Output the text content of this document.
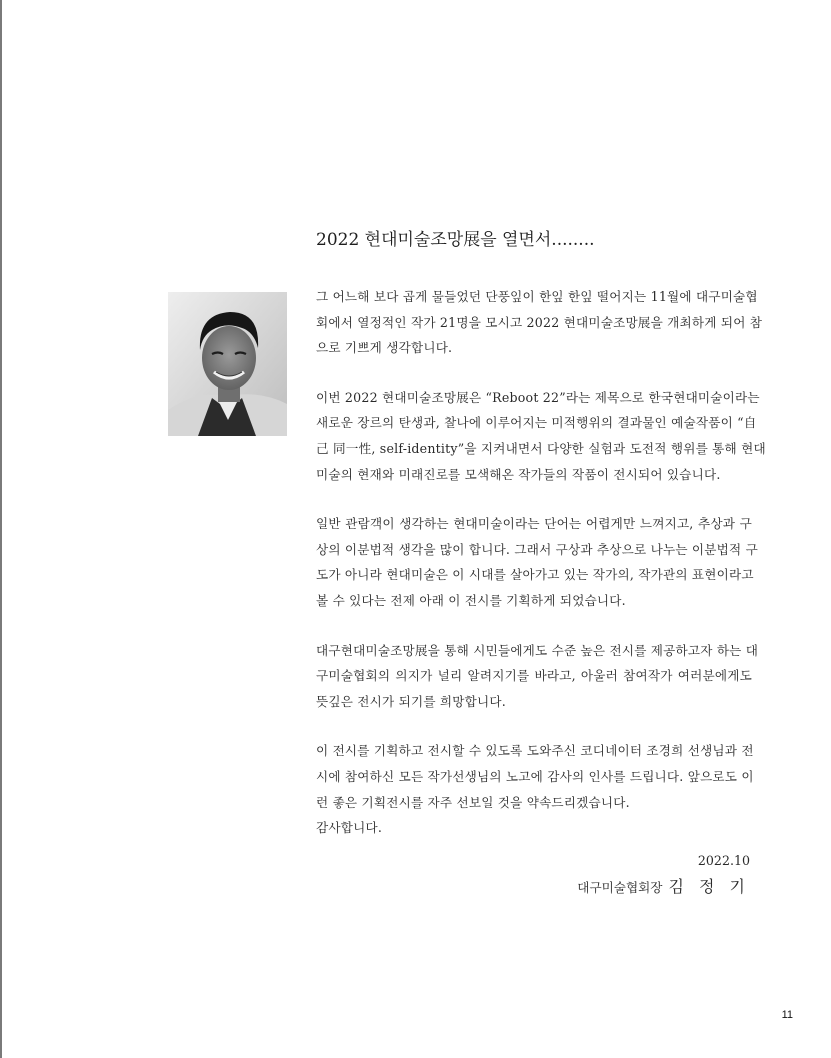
2022 현대미술조망展을 열면서........
그 어느해 보다 곱게 물들었던 단풍잎이 한잎 한잎 떨어지는 11월에 대구미술협
회에서 열정적인 작가 21명을 모시고 2022 현대미술조망展을 개최하게 되어 참
으로 기쁘게 생각합니다.
이번 2022 현대미술조망展은 “Reboot 22”라는 제목으로 한국현대미술이라는
새로운 장르의 탄생과, 찰나에 이루어지는 미적행위의 결과물인 예술작품이 “自
己 同一性, self-identity”을 지켜내면서 다양한 실험과 도전적 행위를 통해 현대
미술의 현재와 미래진로를 모색해온 작가들의 작품이 전시되어 있습니다.
일반 관람객이 생각하는 현대미술이라는 단어는 어렵게만 느껴지고, 추상과 구
상의 이분법적 생각을 많이 합니다. 그래서 구상과 추상으로 나누는 이분법적 구
도가 아니라 현대미술은 이 시대를 살아가고 있는 작가의, 작가관의 표현이라고
볼 수 있다는 전제 아래 이 전시를 기획하게 되었습니다.
대구현대미술조망展을 통해 시민들에게도 수준 높은 전시를 제공하고자 하는 대
구미술협회의 의지가 널리 알려지기를 바라고, 아울러 참여작가 여러분에게도
뜻깊은 전시가 되기를 희망합니다.
이 전시를 기획하고 전시할 수 있도록 도와주신 코디네이터 조경희 선생님과 전
시에 참여하신 모든 작가선생님의 노고에 감사의 인사를 드립니다. 앞으로도 이
런 좋은 기획전시를 자주 선보일 것을 약속드리겠습니다.
감사합니다.
2022.10
대구미술협회장 김 정 기
11
